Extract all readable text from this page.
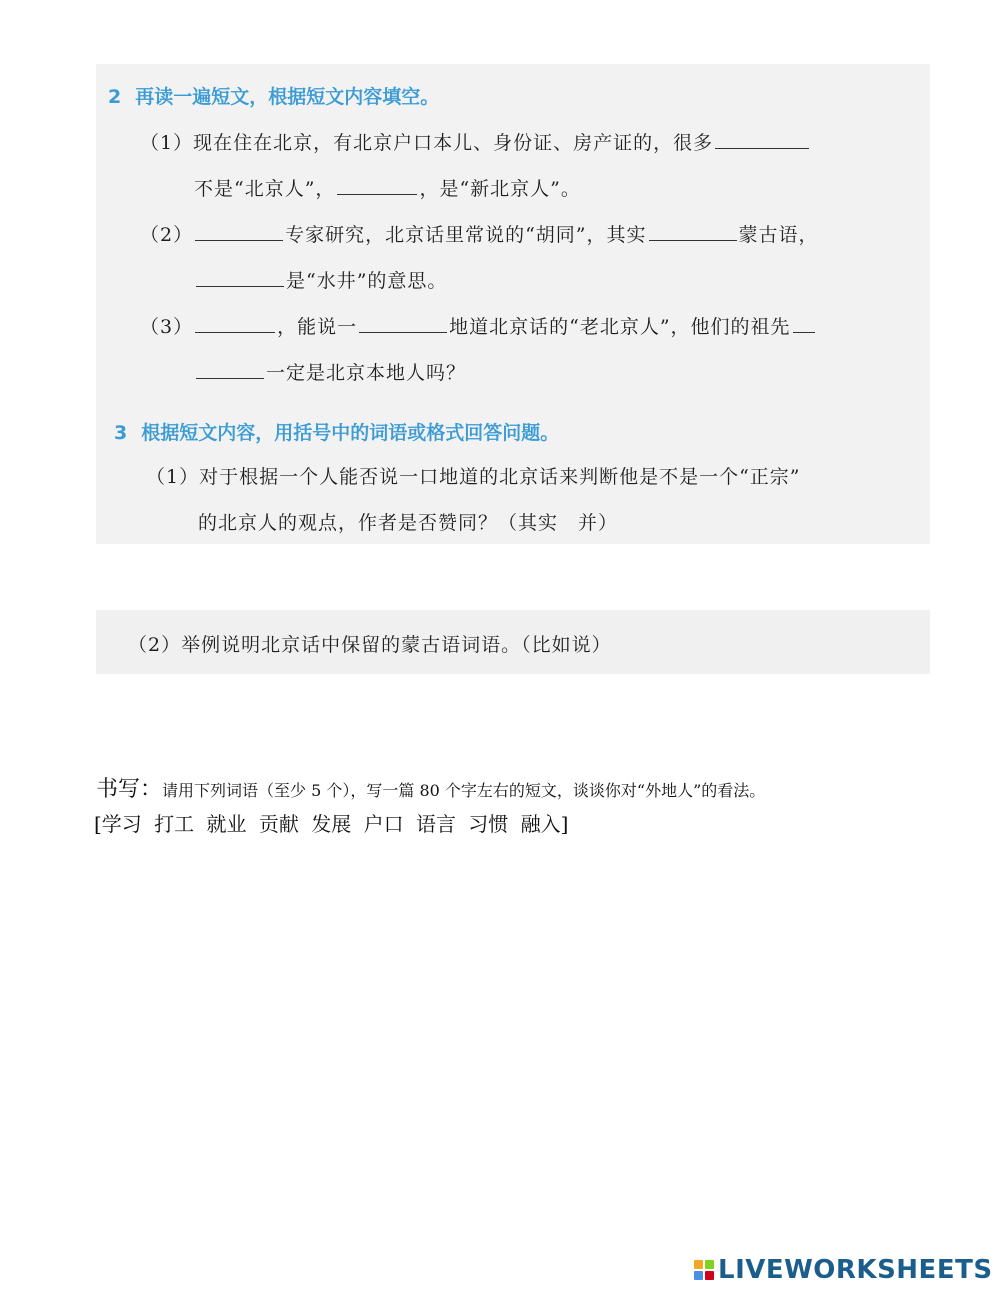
2 再读一遍短文，根据短文内容填空。
（1）现在住在北京，有北京户口本儿、身份证、房产证的，很多
不是“北京人”，	，是“新北京人”。
（2）	专家研究，北京话里常说的“胡同”，其实	蒙古语，
是“水井”的意思。
（3）	，能说一	地道北京话的“老北京人”，他们的祖先
一定是北京本地人吗？
3 根据短文内容，用括号中的词语或格式回答问题。
（1）对于根据一个人能否说一口地道的北京话来判断他是不是一个“正宗”
的北京人的观点，作者是否赞同？（其实　并）
（2）举例说明北京话中保留的蒙古语词语。（比如说）
书写：请用下列词语（至少 5 个），写一篇 80 个字左右的短文，谈谈你对“外地人”的看法。
[学习 打工 就业 贡献 发展 户口 语言 习惯 融入]
LIVEWORKSHEETS
